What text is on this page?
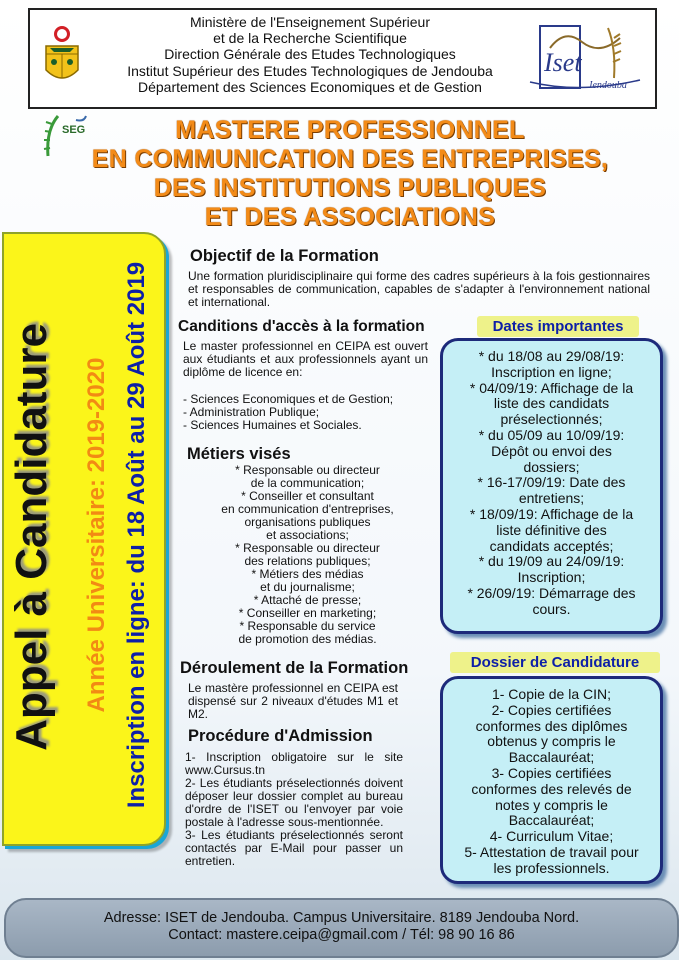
Ministère de l'Enseignement Supérieur
et de la Recherche Scientifique
Direction Générale des Etudes Technologiques
Institut Supérieur des Etudes Technologiques de Jendouba
Département des Sciences Economiques et de Gestion
Iset
Jendouba
SEG	MASTERE PROFESSIONNEL
EN COMMUNICATION DES ENTREPRISES,
DES INSTITUTIONS PUBLIQUES
ET DES ASSOCIATIONS
Appel à Candidature Année Universitaire: 2019-2020 Inscription en ligne: du 18 Août au 29 Août 2019
Objectif de la Formation
Une formation pluridisciplinaire qui forme des cadres supérieurs à la fois gestionnaires et responsables de communication, capables de s'adapter à l'environnement national et international.
Canditions d'accès à la formation
Le master professionnel en CEIPA est ouvert aux étudiants et aux professionnels ayant un diplôme de licence en:
- Sciences Economiques et de Gestion;
- Administration Publique;
- Sciences Humaines et Sociales.
Métiers visés
* Responsable ou directeur
de la communication;
* Conseiller et consultant
en communication d'entreprises,
organisations publiques
et associations;
* Responsable ou directeur
des relations publiques;
* Métiers des médias
et du journalisme;
* Attaché de presse;
* Conseiller en marketing;
* Responsable du service
de promotion des médias.
Déroulement de la Formation
Le mastère professionnel en CEIPA est dispensé sur 2 niveaux d'études M1 et M2.
Procédure d'Admission
1- Inscription obligatoire sur le site www.Cursus.tn
2- Les étudiants préselectionnés doivent déposer leur dossier complet au bureau d'ordre de l'ISET ou l'envoyer par voie postale à l'adresse sous-mentionnée.
3- Les étudiants préselectionnés seront contactés par E-Mail pour passer un entretien.
Dates importantes
* du 18/08 au 29/08/19:
Inscription en ligne;
* 04/09/19: Affichage de la
liste des candidats
préselectionnés;
* du 05/09 au 10/09/19:
Dépôt ou envoi des
dossiers;
* 16-17/09/19: Date des
entretiens;
* 18/09/19: Affichage de la
liste définitive des
candidats acceptés;
* du 19/09 au 24/09/19:
Inscription;
* 26/09/19: Démarrage des
cours.
Dossier de Candidature
1- Copie de la CIN;
2- Copies certifiées
conformes des diplômes
obtenus y compris le
Baccalauréat;
3- Copies certifiées
conformes des relevés de
notes y compris le
Baccalauréat;
4- Curriculum Vitae;
5- Attestation de travail pour
les professionnels.
Adresse: ISET de Jendouba. Campus Universitaire. 8189 Jendouba Nord.
Contact: mastere.ceipa@gmail.com / Tél: 98 90 16 86
